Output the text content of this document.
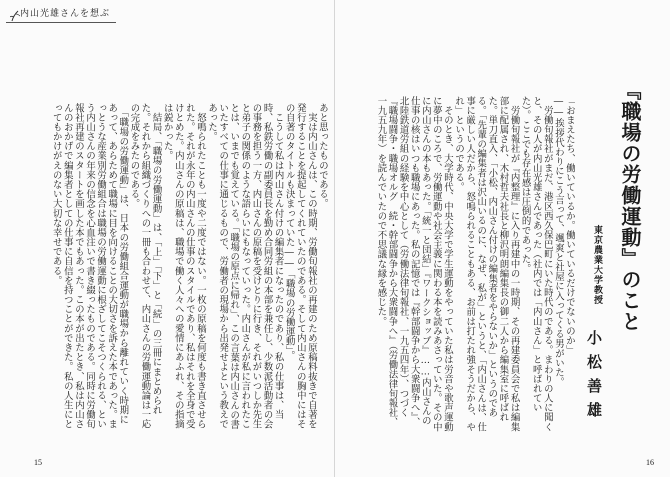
内山光雄さんを想ぶ
あと思ったものである。
　実は内山さんは、この時期、労働旬報社の再建のため原稿料抜きで自著を発行することを提起してくれていたのである。そして内山さんの胸中にはその自著のタイトルも決まっていた――「職場の労働運動」。
　こうして私は内山さん付けの編集者になったのであり、私の仕事は、当時、私鉄労働の副委員長を勤め合同労組の本部を兼任し、少数派活動者の会の事務を担う一方、内山さんの原稿を受けとりに行き、それがいつしか先生と弟子の関係のような語らいにもなっていった。内山さんが私に言われたことは、いまでも覚えている。「職場の原点に帰れ」、この言葉は内山さんの書いたすべての仕事に通じるもので、労働者の現場から出発せよという教えであった。
　怒鳴られたことも一度や二度ではない。一枚の原稿を何度も書き直させられた。それが永年の内山さんの仕事のスタイルであり、私はそれを全身で受けとめた。内山さんの原稿は、職場で働く人々への愛情にあふれ、その指摘は鋭かった。
　結局、「職場の労働運動」は、「上」「下」と「続」の三冊にまとめられた。それから組織づくりへの一冊も合わせて、内山さんの労働運動論は一応の完成をみたのである。
　「職場の労働運動」は、日本の労働組合運動が職場から離れていく時期にあって、あらためて職場に目を向けることの大切さを訴えた本であった。まっとうな産業別労働組合は職場の労働運動に根ざしてこそつくられる、という内山さんの年来の信念を心血注いで書き綴ったものである。同時に労働旬報社再建のスタートを画した本でもあった。この本が出たとき、私は内山さんのおかげで編集者としての仕事に自信を持つことができた。私の人生にとってもかけがえのない大切な幸せである。
15
『職場の労働運動』のこと
東京農業大学教授
小松善雄
「おまえたち、働いているか。働いているだけでないのか」
――挨拶代わりにこう言って、颯爽と社屋に入ってくる男がいた。
　労働旬報社がまだ、港区西久保巴町にいた時代のである。まわりの人に聞くと、その人が内山光雄さんであった（社内では「内山さん」と呼ばれていた）。ここでも存在感は圧倒的であった。
　労働旬報社が『内整理』に入り再建中の一時期、その再建委員会で私は編集部に配属され、木村哲夫社長と柳沢明朗編集長の御二人から編集室に呼ばれた。単刀直入、「小松、内山さん付けの編集者をやらないか」というのである。「先輩の編集者は沢山いるのに、なぜ、私が」というと、「内山さんは、仕事に厳しい人だから、怒鳴られることもある、お前は打たれ強そうだから、やれ」というのである。
　そのとき、大学時代、中央大学で学生運動をやっていた私は労音や歌声運動に夢中のころで、労働運動や社会主義に関わる本を読みあさっていた。その中に内山さんの本もあった。「統一と団結」『ワークショップ』……内山さんの仕事の核はいつも職場にあった。私の記憶では『幹部闘争から大衆闘争へ』、北陸鉄道労組の経験を中心として（労働法律旬報社、一九五四年）、つづく『職場闘争・職場オルグ　続・幹部闘争から大衆闘争へ』（労働法律旬報社、一九五九年）を読んでいたので不思議な縁を感じた。
16
